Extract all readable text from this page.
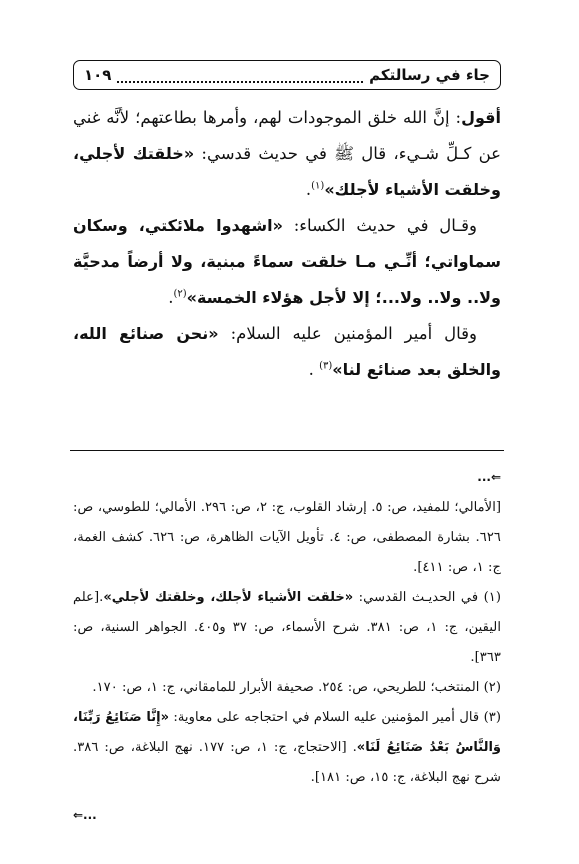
جاء في رسالتكم
١٠٩

أقول: إنَّ الله خلق الموجودات لهم، وأمرها بطاعتهم؛ لأنَّه غني عن كـلِّ شـيء، قال ﷺ في حديث قدسي: «خلقتك لأجلي، وخلقت الأشياء لأجلك»$^{(١)}$.

وقـال في حديث الكساء: «اشهدوا ملائكتي، وسكان سماواتي؛ أنِّـي مـا خلقت سماءً مبنية، ولا أرضاً مدحيَّة ولا.. ولا.. ولا...؛ إلا لأجل هؤلاء الخمسة»$^{(٢)}$.

وقال أمير المؤمنين عليه السلام: «نحن صنائع الله، والخلق بعد صنائع لنا»$^{(٣)}$ .

⇐...

[الأمالي؛ للمفيد، ص: ٥. إرشاد القلوب، ج: ٢، ص: ٢٩٦. الأمالي؛ للطوسي، ص: ٦٢٦. بشارة المصطفى، ص: ٤. تأويل الآيات الظاهرة، ص: ٦٢٦. كشف الغمة، ج: ١، ص: ٤١١].

(١) في الحديـث القدسي: «خلقت الأشياء لأجلك، وخلقتك لأجلي».[علم اليقين، ج: ١، ص: ٣٨١. شرح الأسماء، ص: ٣٧ و٤٠٥. الجواهر السنية، ص: ٣٦٣].

(٢) المنتخب؛ للطريحي، ص: ٢٥٤. صحيفة الأبرار للمامقاني، ج: ١، ص: ١٧٠.

(٣) قال أمير المؤمنين عليه السلام في احتجاجه على معاوية: «إِنَّا صَنَائِعُ رَبِّنَا، وَالنَّاسُ بَعْدُ صَنَائِعُ لَنَا». [الاحتجاج، ج: ١، ص: ١٧٧. نهج البلاغة، ص: ٣٨٦. شرح نهج البلاغة، ج: ١٥، ص: ١٨١].

⇐...
